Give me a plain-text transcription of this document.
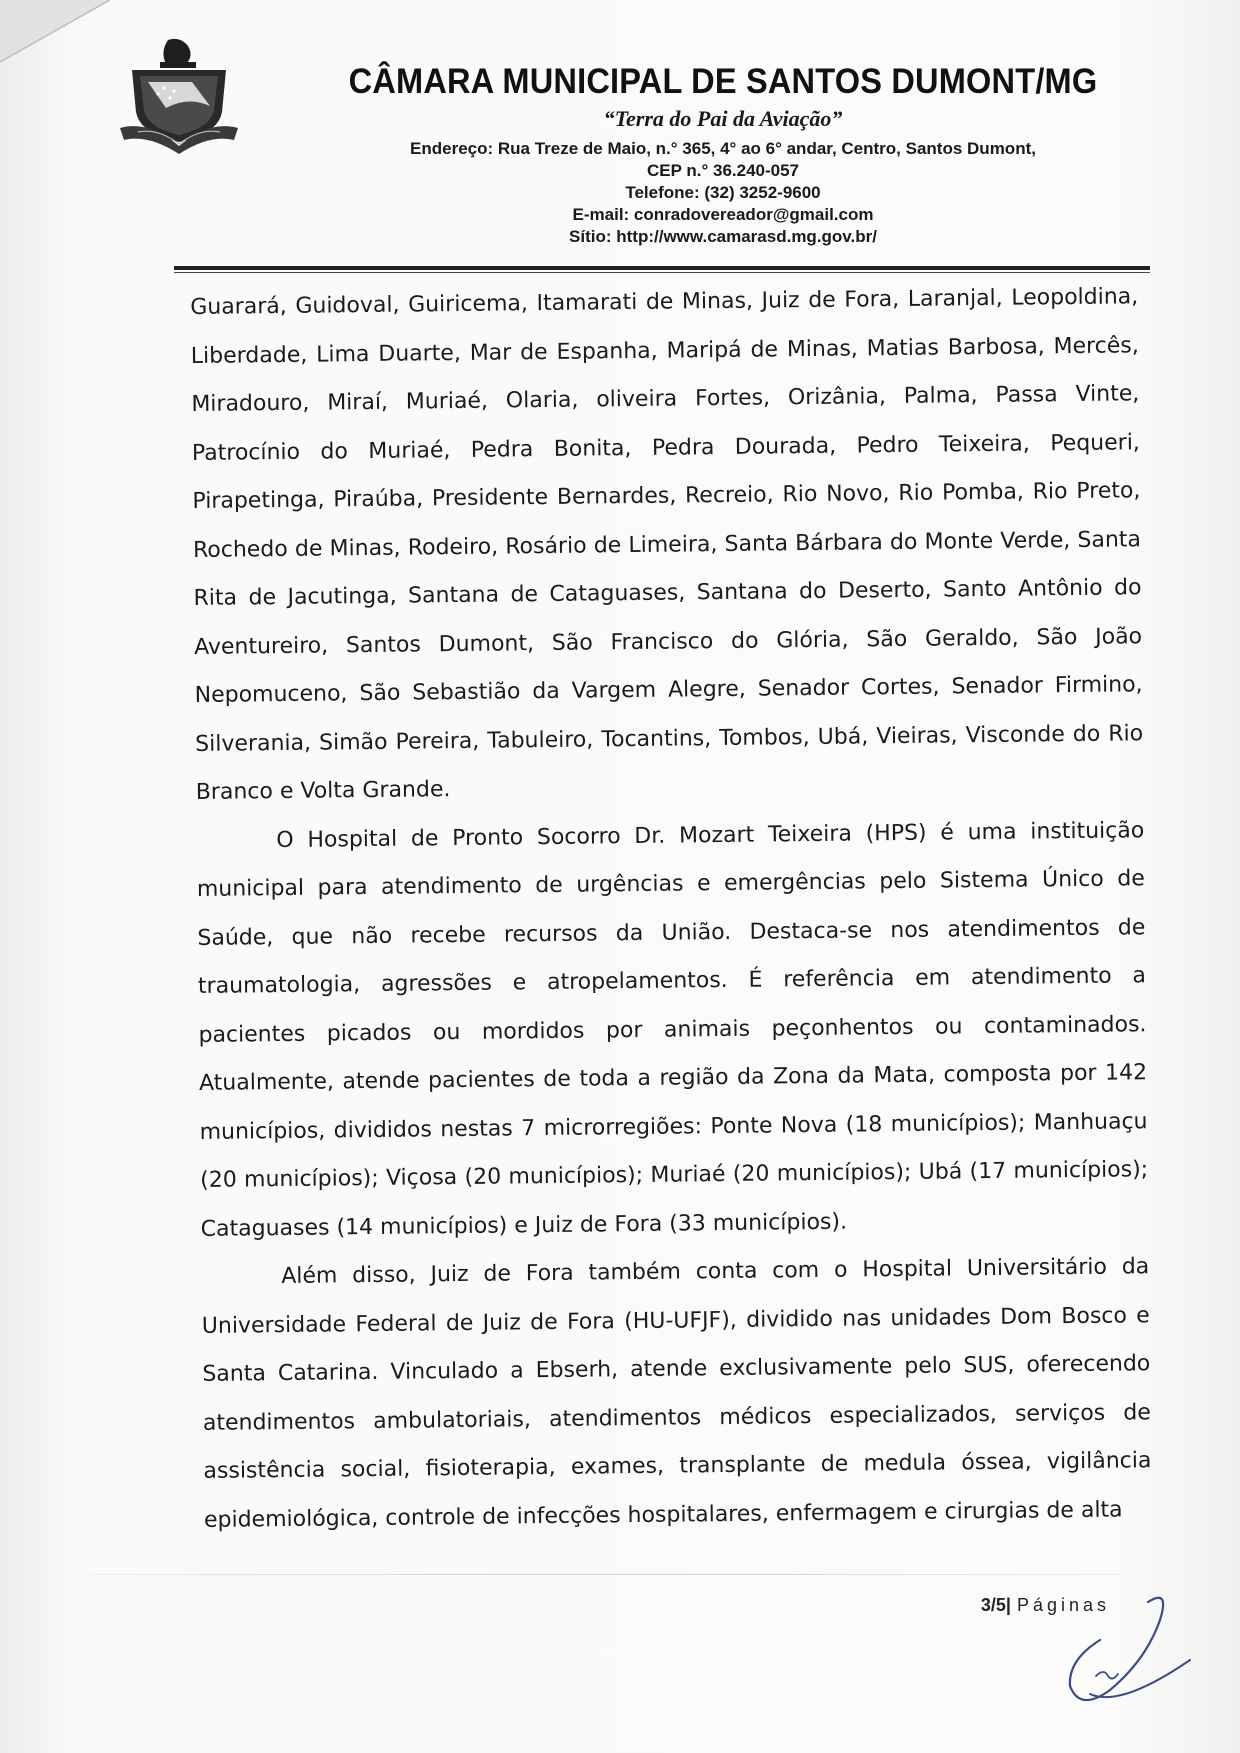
CÂMARA MUNICIPAL DE SANTOS DUMONT/MG
“Terra do Pai da Aviação”
Endereço: Rua Treze de Maio, n.° 365, 4° ao 6° andar, Centro, Santos Dumont,
CEP n.° 36.240-057
Telefone: (32) 3252-9600
E-mail: conradovereador@gmail.com
Sítio: http://www.camarasd.mg.gov.br/

Guarará, Guidoval, Guiricema, Itamarati de Minas, Juiz de Fora, Laranjal, Leopoldina, Liberdade, Lima Duarte, Mar de Espanha, Maripá de Minas, Matias Barbosa, Mercês, Miradouro, Miraí, Muriaé, Olaria, oliveira Fortes, Orizânia, Palma, Passa Vinte, Patrocínio do Muriaé, Pedra Bonita, Pedra Dourada, Pedro Teixeira, Pequeri, Pirapetinga, Piraúba, Presidente Bernardes, Recreio, Rio Novo, Rio Pomba, Rio Preto, Rochedo de Minas, Rodeiro, Rosário de Limeira, Santa Bárbara do Monte Verde, Santa Rita de Jacutinga, Santana de Cataguases, Santana do Deserto, Santo Antônio do Aventureiro, Santos Dumont, São Francisco do Glória, São Geraldo, São João Nepomuceno, São Sebastião da Vargem Alegre, Senador Cortes, Senador Firmino, Silverania, Simão Pereira, Tabuleiro, Tocantins, Tombos, Ubá, Vieiras, Visconde do Rio Branco e Volta Grande.

O Hospital de Pronto Socorro Dr. Mozart Teixeira (HPS) é uma instituição municipal para atendimento de urgências e emergências pelo Sistema Único de Saúde, que não recebe recursos da União. Destaca-se nos atendimentos de traumatologia, agressões e atropelamentos. É referência em atendimento a pacientes picados ou mordidos por animais peçonhentos ou contaminados. Atualmente, atende pacientes de toda a região da Zona da Mata, composta por 142 municípios, divididos nestas 7 microrregiões: Ponte Nova (18 municípios); Manhuaçu (20 municípios); Viçosa (20 municípios); Muriaé (20 municípios); Ubá (17 municípios); Cataguases (14 municípios) e Juiz de Fora (33 municípios).

Além disso, Juiz de Fora também conta com o Hospital Universitário da Universidade Federal de Juiz de Fora (HU-UFJF), dividido nas unidades Dom Bosco e Santa Catarina. Vinculado a Ebserh, atende exclusivamente pelo SUS, oferecendo atendimentos ambulatoriais, atendimentos médicos especializados, serviços de assistência social, fisioterapia, exames, transplante de medula óssea, vigilância epidemiológica, controle de infecções hospitalares, enfermagem e cirurgias de alta

3/5| Páginas
